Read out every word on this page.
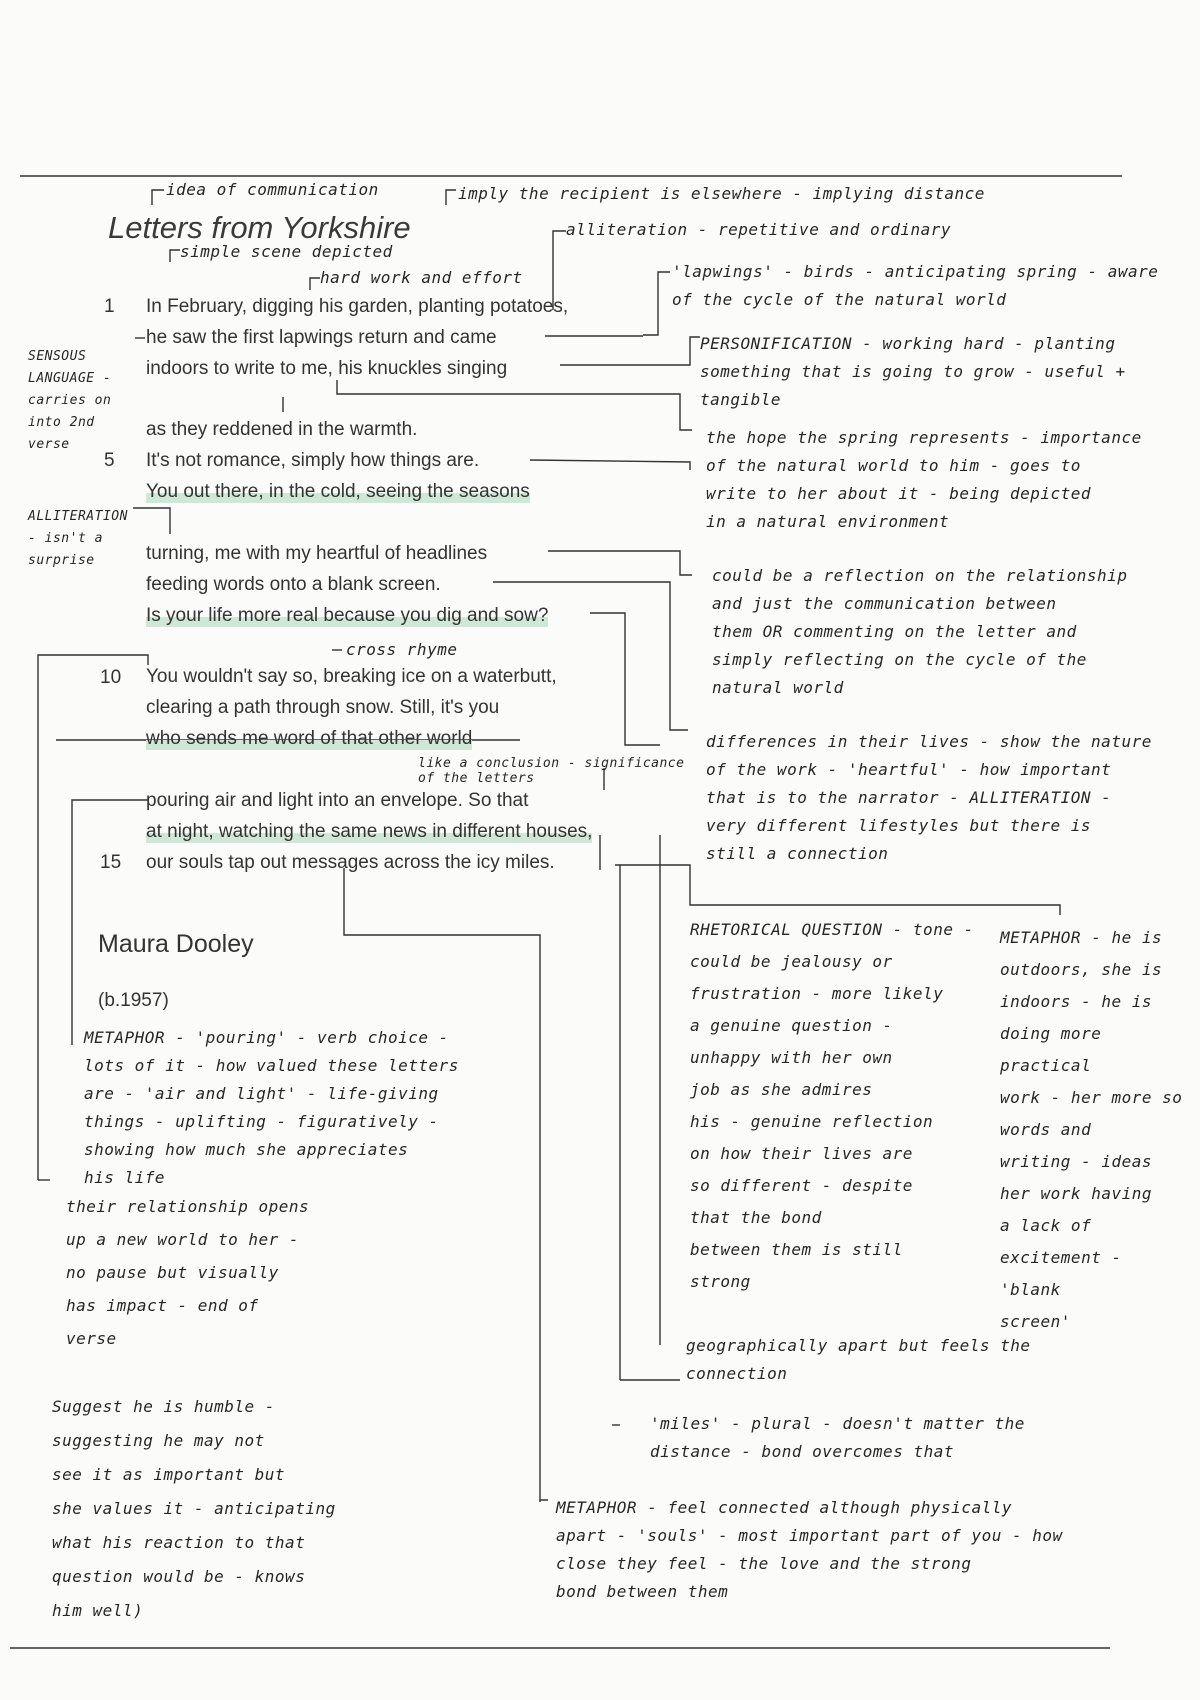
Letters from Yorkshire
1
5
10
15
In February, digging his garden, planting potatoes,
he saw the first lapwings return and came
indoors to write to me, his knuckles singing
as they reddened in the warmth.
It's not romance, simply how things are.
You out there, in the cold, seeing the seasons
turning, me with my heartful of headlines
feeding words onto a blank screen.
Is your life more real because you dig and sow?
You wouldn't say so, breaking ice on a waterbutt,
clearing a path through snow. Still, it's you
who sends me word of that other world
pouring air and light into an envelope. So that
at night, watching the same news in different houses,
our souls tap out messages across the icy miles.
Maura Dooley
(b.1957)
idea of communication	imply the recipient is elsewhere - implying distance
simple scene depicted
hard work and effort
alliteration - repetitive and ordinary
'lapwings' - birds - anticipating spring - aware
of the cycle of the natural world
PERSONIFICATION - working hard - planting
something that is going to grow - useful +
tangible
SENSOUS
LANGUAGE -
carries on
into 2nd
verse	the hope the spring represents - importance
of the natural world to him - goes to
write to her about it - being depicted
in a natural environment
ALLITERATION
- isn't a
surprise
could be a reflection on the relationship
and just the communication between
them OR commenting on the letter and
simply reflecting on the cycle of the
natural world
cross rhyme
differences in their lives - show the nature
of the work - 'heartful' - how important
that is to the narrator - ALLITERATION -
very different lifestyles but there is
still a connection
like a conclusion - significance
of the letters
RHETORICAL QUESTION - tone -
could be jealousy or
frustration - more likely
a genuine question -
unhappy with her own
job as she admires
his - genuine reflection
on how their lives are
so different - despite
that the bond
between them is still
strong
METAPHOR - he is
outdoors, she is
indoors - he is
doing more practical
work - her more so
words and
writing - ideas
her work having
a lack of
excitement - 'blank
screen'
METAPHOR - 'pouring' - verb choice -
lots of it - how valued these letters
are - 'air and light' - life-giving
things - uplifting - figuratively -
showing how much she appreciates
his life
their relationship opens
up a new world to her -
no pause but visually
has impact - end of
verse	geographically apart but feels the
connection
'miles' - plural - doesn't matter the
distance - bond overcomes that
Suggest he is humble -
suggesting he may not
see it as important but
she values it - anticipating
what his reaction to that
question would be - knows
him well)
METAPHOR - feel connected although physically
apart - 'souls' - most important part of you - how
close they feel - the love and the strong
bond between them
